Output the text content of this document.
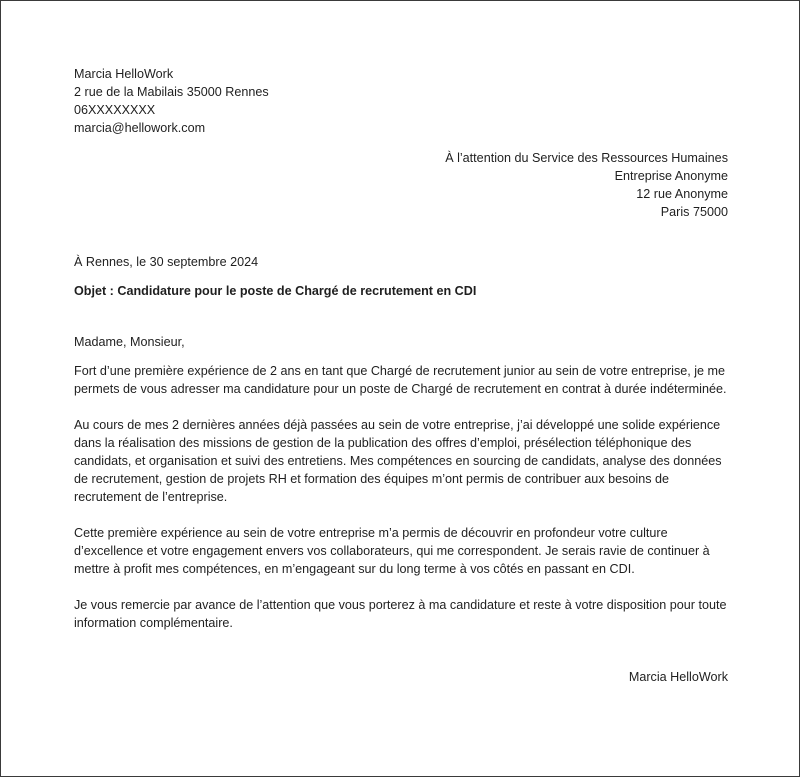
Marcia HelloWork
2 rue de la Mabilais 35000 Rennes
06XXXXXXXX
marcia@hellowork.com
À l’attention du Service des Ressources Humaines
Entreprise Anonyme
12 rue Anonyme
Paris 75000
À Rennes, le 30 septembre 2024
Objet : Candidature pour le poste de Chargé de recrutement en CDI
Madame, Monsieur,

Fort d’une première expérience de 2 ans en tant que Chargé de recrutement junior au sein de votre entreprise, je me permets de vous adresser ma candidature pour un poste de Chargé de recrutement en contrat à durée indéterminée.

Au cours de mes 2 dernières années déjà passées au sein de votre entreprise, j’ai développé une solide expérience dans la réalisation des missions de gestion de la publication des offres d’emploi, présélection téléphonique des candidats, et organisation et suivi des entretiens. Mes compétences en sourcing de candidats, analyse des données de recrutement, gestion de projets RH et formation des équipes m’ont permis de contribuer aux besoins de recrutement de l’entreprise.

Cette première expérience au sein de votre entreprise m’a permis de découvrir en profondeur votre culture d’excellence et votre engagement envers vos collaborateurs, qui me correspondent. Je serais ravie de continuer à mettre à profit mes compétences, en m’engageant sur du long terme à vos côtés en passant en CDI.

Je vous remercie par avance de l’attention que vous porterez à ma candidature et reste à votre disposition pour toute information complémentaire.

Marcia HelloWork
